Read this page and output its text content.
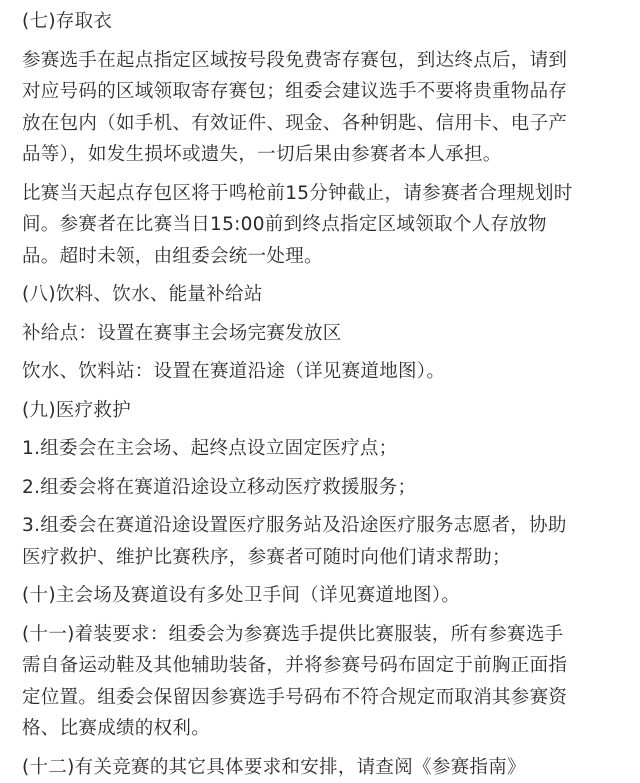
(七)存取衣
参赛选手在起点指定区域按号段免费寄存赛包，到达终点后，请到
对应号码的区域领取寄存赛包；组委会建议选手不要将贵重物品存
放在包内（如手机、有效证件、现金、各种钥匙、信用卡、电子产
品等），如发生损坏或遗失，一切后果由参赛者本人承担。
比赛当天起点存包区将于鸣枪前15分钟截止，请参赛者合理规划时
间。参赛者在比赛当日15:00前到终点指定区域领取个人存放物
品。超时未领，由组委会统一处理。
(八)饮料、饮水、能量补给站
补给点：设置在赛事主会场完赛发放区
饮水、饮料站：设置在赛道沿途（详见赛道地图）。
(九)医疗救护
1.组委会在主会场、起终点设立固定医疗点；
2.组委会将在赛道沿途设立移动医疗救援服务；
3.组委会在赛道沿途设置医疗服务站及沿途医疗服务志愿者，协助
医疗救护、维护比赛秩序，参赛者可随时向他们请求帮助；
(十)主会场及赛道设有多处卫手间（详见赛道地图）。
(十一)着装要求：组委会为参赛选手提供比赛服装，所有参赛选手
需自备运动鞋及其他辅助装备，并将参赛号码布固定于前胸正面指
定位置。组委会保留因参赛选手号码布不符合规定而取消其参赛资
格、比赛成绩的权利。
(十二)有关竞赛的其它具体要求和安排，请查阅《参赛指南》
